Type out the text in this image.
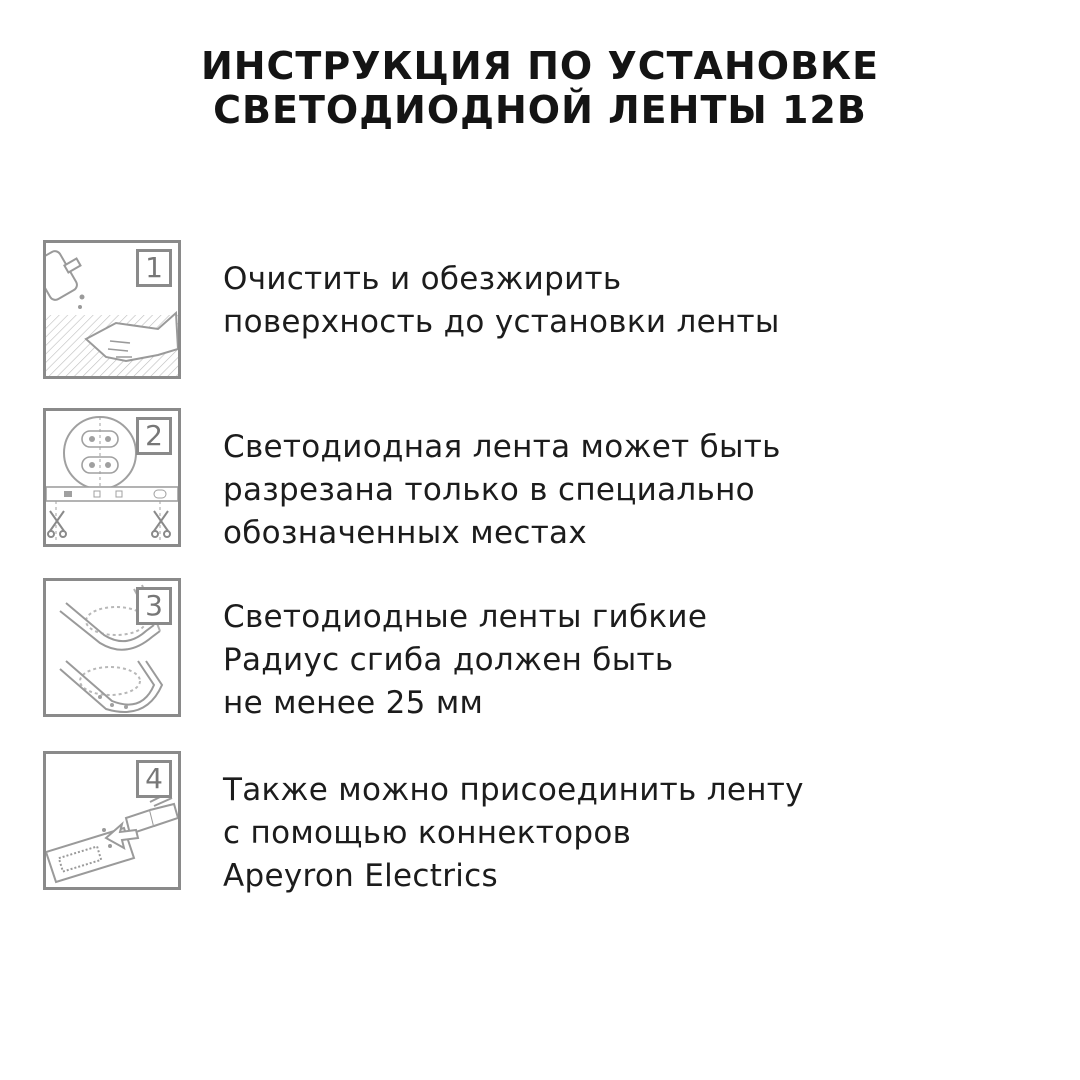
ИНСТРУКЦИЯ ПО УСТАНОВКЕ
СВЕТОДИОДНОЙ ЛЕНТЫ 12В
1 Очистить и обезжирить
поверхность до установки ленты
2 Светодиодная лента может быть
разрезана только в специально
обозначенных местах
3 Светодиодные ленты гибкие
Радиус сгиба должен быть
не менее 25 мм
4 Также можно присоединить ленту
с помощью коннекторов
Apeyron Electrics
